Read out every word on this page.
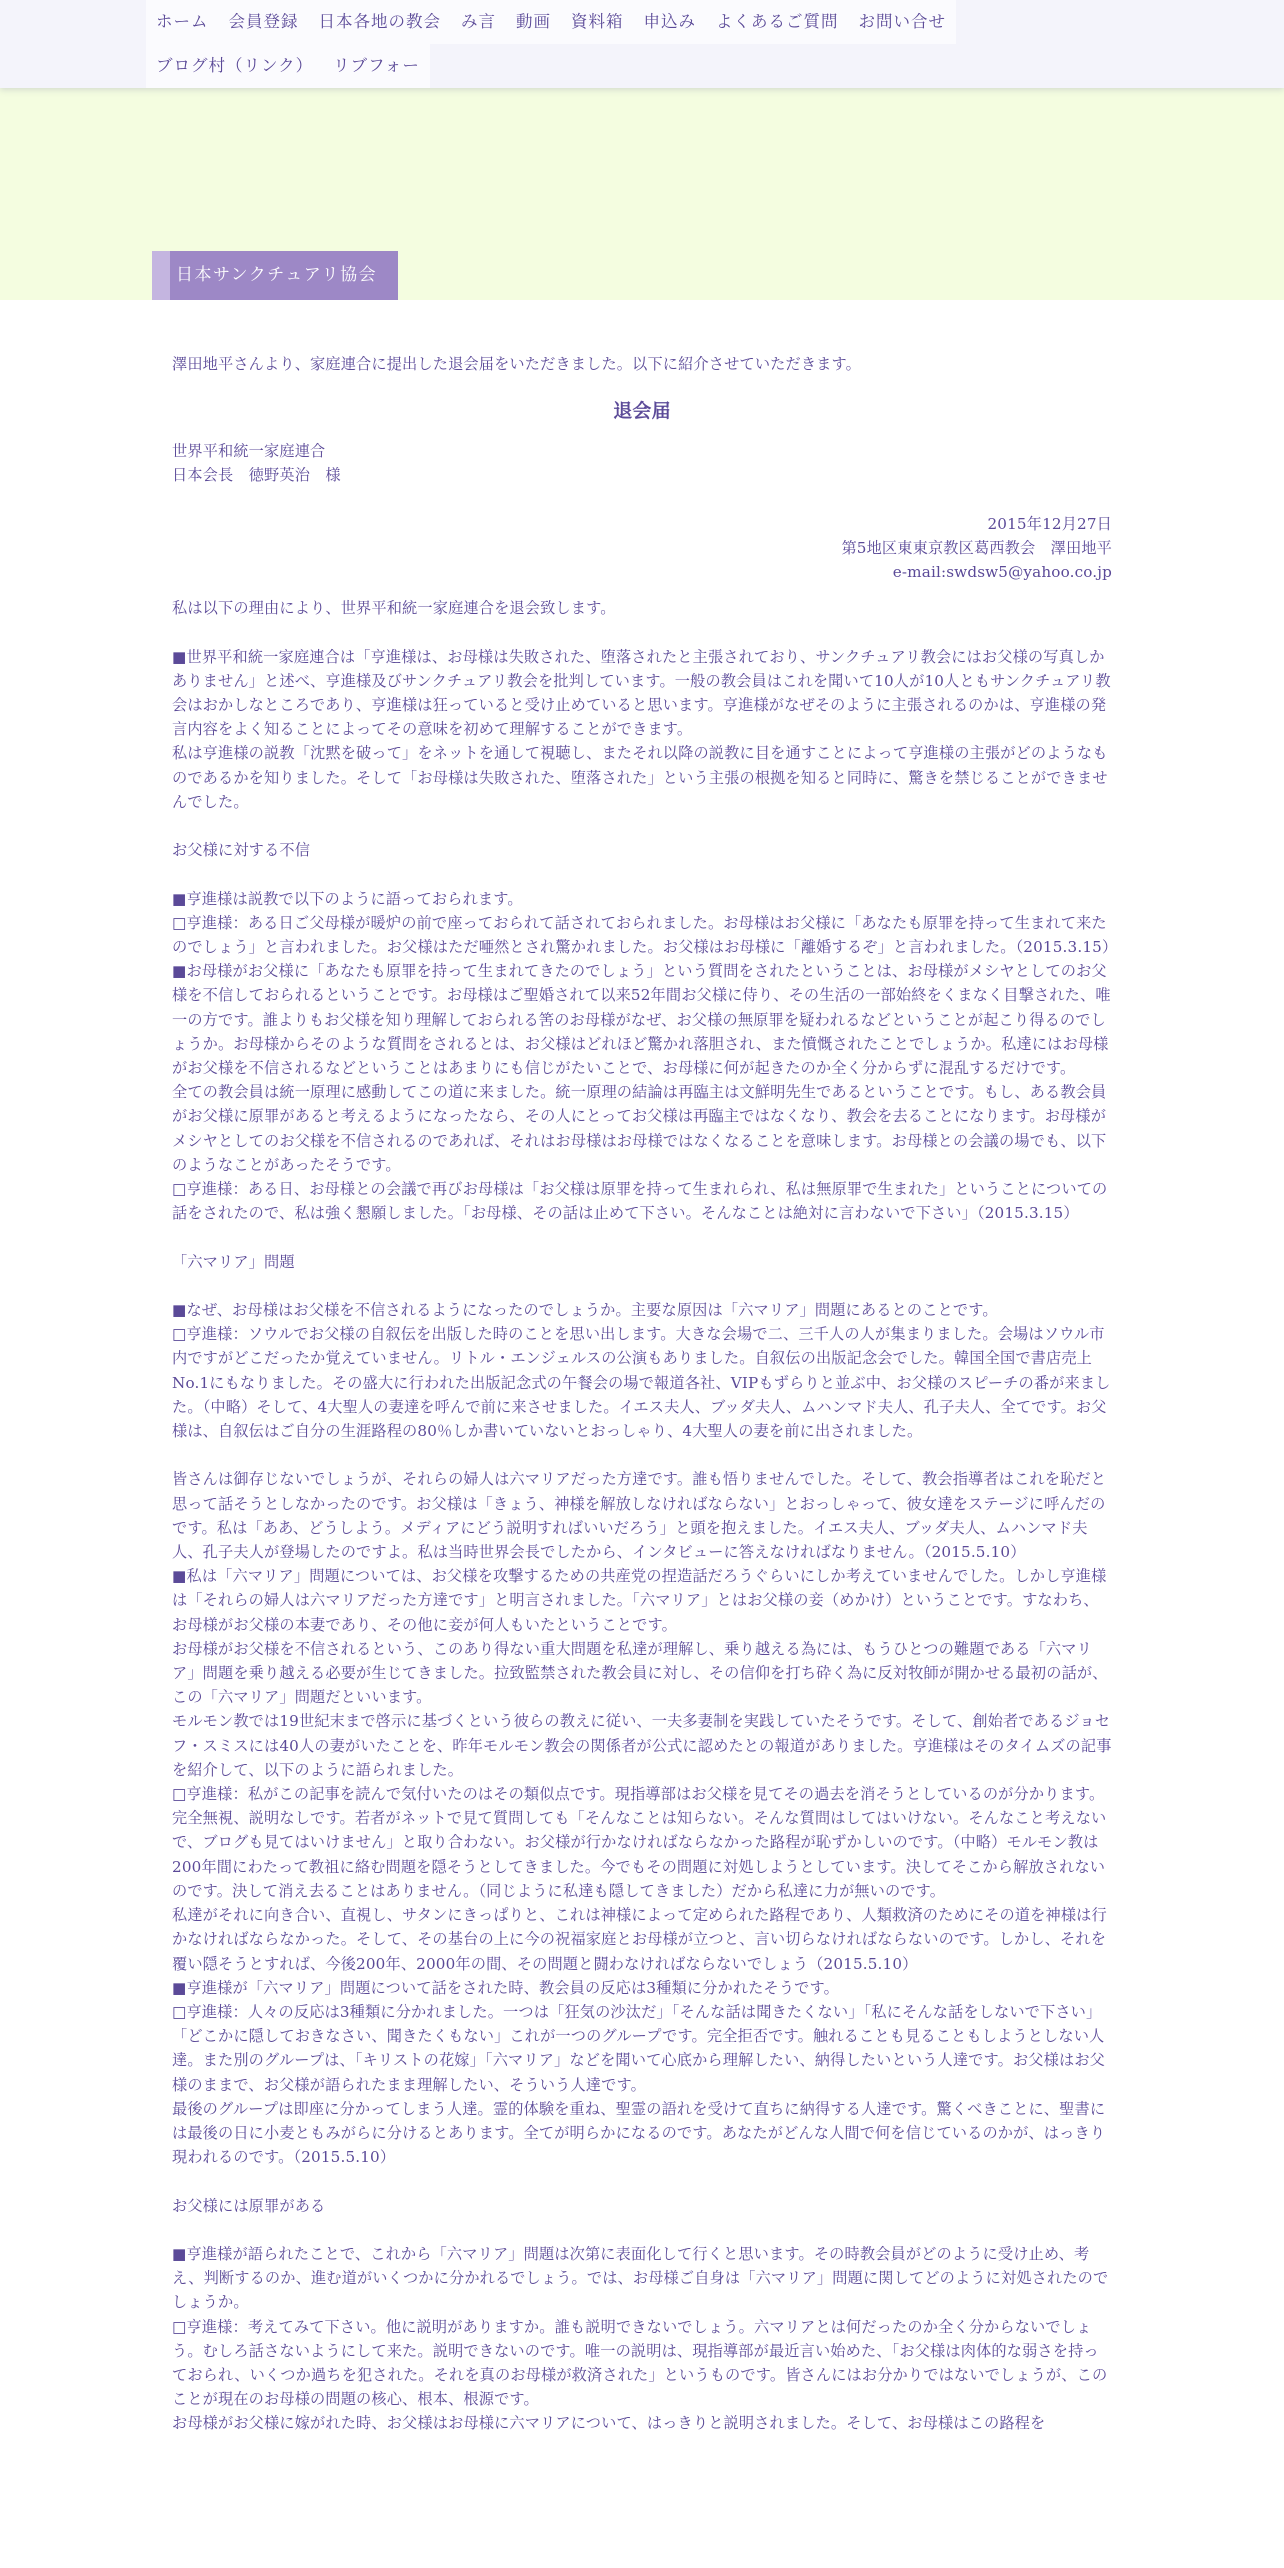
ホーム	会員登録	日本各地の教会	み言	動画	資料箱	申込み	よくあるご質問	お問い合せ
ブログ村（リンク）	リブフォー
日本サンクチュアリ協会

澤田地平さんより、家庭連合に提出した退会届をいただきました。以下に紹介させていただきます。

退会届

世界平和統一家庭連合

日本会長　徳野英治　様

2015年12月27日

第5地区東東京教区葛西教会　澤田地平

e-mail:swdsw5@yahoo.co.jp

私は以下の理由により、世界平和統一家庭連合を退会致します。

■世界平和統一家庭連合は「亨進様は、お母様は失敗された、堕落されたと主張されており、サンクチュアリ教会にはお父様の写真しかありません」と述べ、亨進様及びサンクチュアリ教会を批判しています。一般の教会員はこれを聞いて10人が10人ともサンクチュアリ教会はおかしなところであり、亨進様は狂っていると受け止めていると思います。亨進様がなぜそのように主張されるのかは、亨進様の発言内容をよく知ることによってその意味を初めて理解することができます。

私は亨進様の説教「沈黙を破って」をネットを通して視聴し、またそれ以降の説教に目を通すことによって亨進様の主張がどのようなものであるかを知りました。そして「お母様は失敗された、堕落された」という主張の根拠を知ると同時に、驚きを禁じることができませんでした。

お父様に対する不信

■亨進様は説教で以下のように語っておられます。

□亨進様：ある日ご父母様が暖炉の前で座っておられて話されておられました。お母様はお父様に「あなたも原罪を持って生まれて来たのでしょう」と言われました。お父様はただ唖然とされ驚かれました。お父様はお母様に「離婚するぞ」と言われました。（2015.3.15）

■お母様がお父様に「あなたも原罪を持って生まれてきたのでしょう」という質問をされたということは、お母様がメシヤとしてのお父様を不信しておられるということです。お母様はご聖婚されて以来52年間お父様に侍り、その生活の一部始終をくまなく目撃された、唯一の方です。誰よりもお父様を知り理解しておられる筈のお母様がなぜ、お父様の無原罪を疑われるなどということが起こり得るのでしょうか。お母様からそのような質問をされるとは、お父様はどれほど驚かれ落胆され、また憤慨されたことでしょうか。私達にはお母様がお父様を不信されるなどということはあまりにも信じがたいことで、お母様に何が起きたのか全く分からずに混乱するだけです。

全ての教会員は統一原理に感動してこの道に来ました。統一原理の結論は再臨主は文鮮明先生であるということです。もし、ある教会員がお父様に原罪があると考えるようになったなら、その人にとってお父様は再臨主ではなくなり、教会を去ることになります。お母様がメシヤとしてのお父様を不信されるのであれば、それはお母様はお母様ではなくなることを意味します。お母様との会議の場でも、以下のようなことがあったそうです。

□亨進様：ある日、お母様との会議で再びお母様は「お父様は原罪を持って生まれられ、私は無原罪で生まれた」ということについての話をされたので、私は強く懇願しました。「お母様、その話は止めて下さい。そんなことは絶対に言わないで下さい」（2015.3.15）

「六マリア」問題

■なぜ、お母様はお父様を不信されるようになったのでしょうか。主要な原因は「六マリア」問題にあるとのことです。

□亨進様：ソウルでお父様の自叙伝を出版した時のことを思い出します。大きな会場で二、三千人の人が集まりました。会場はソウル市内ですがどこだったか覚えていません。リトル・エンジェルスの公演もありました。自叙伝の出版記念会でした。韓国全国で書店売上No.1にもなりました。その盛大に行われた出版記念式の午餐会の場で報道各社、VIPもずらりと並ぶ中、お父様のスピーチの番が来ました。（中略）そして、4大聖人の妻達を呼んで前に来させました。イエス夫人、ブッダ夫人、ムハンマド夫人、孔子夫人、全てです。お父様は、自叙伝はご自分の生涯路程の80％しか書いていないとおっしゃり、4大聖人の妻を前に出されました。

皆さんは御存じないでしょうが、それらの婦人は六マリアだった方達です。誰も悟りませんでした。そして、教会指導者はこれを恥だと思って話そうとしなかったのです。お父様は「きょう、神様を解放しなければならない」とおっしゃって、彼女達をステージに呼んだのです。私は「ああ、どうしよう。メディアにどう説明すればいいだろう」と頭を抱えました。イエス夫人、ブッダ夫人、ムハンマド夫人、孔子夫人が登場したのですよ。私は当時世界会長でしたから、インタビューに答えなければなりません。（2015.5.10）

■私は「六マリア」問題については、お父様を攻撃するための共産党の捏造話だろうぐらいにしか考えていませんでした。しかし亨進様は「それらの婦人は六マリアだった方達です」と明言されました。「六マリア」とはお父様の妾（めかけ）ということです。すなわち、お母様がお父様の本妻であり、その他に妾が何人もいたということです。

お母様がお父様を不信されるという、このあり得ない重大問題を私達が理解し、乗り越える為には、もうひとつの難題である「六マリア」問題を乗り越える必要が生じてきました。拉致監禁された教会員に対し、その信仰を打ち砕く為に反対牧師が開かせる最初の話が、この「六マリア」問題だといいます。

モルモン教では19世紀末まで啓示に基づくという彼らの教えに従い、一夫多妻制を実践していたそうです。そして、創始者であるジョセフ・スミスには40人の妻がいたことを、昨年モルモン教会の関係者が公式に認めたとの報道がありました。亨進様はそのタイムズの記事を紹介して、以下のように語られました。

□亨進様：私がこの記事を読んで気付いたのはその類似点です。現指導部はお父様を見てその過去を消そうとしているのが分かります。完全無視、説明なしです。若者がネットで見て質問しても「そんなことは知らない。そんな質問はしてはいけない。そんなこと考えないで、ブログも見てはいけません」と取り合わない。お父様が行かなければならなかった路程が恥ずかしいのです。（中略）モルモン教は200年間にわたって教祖に絡む問題を隠そうとしてきました。今でもその問題に対処しようとしています。決してそこから解放されないのです。決して消え去ることはありません。（同じように私達も隠してきました）だから私達に力が無いのです。

私達がそれに向き合い、直視し、サタンにきっぱりと、これは神様によって定められた路程であり、人類救済のためにその道を神様は行かなければならなかった。そして、その基台の上に今の祝福家庭とお母様が立つと、言い切らなければならないのです。しかし、それを覆い隠そうとすれば、今後200年、2000年の間、その問題と闘わなければならないでしょう（2015.5.10）

■亨進様が「六マリア」問題について話をされた時、教会員の反応は3種類に分かれたそうです。

□亨進様：人々の反応は3種類に分かれました。一つは「狂気の沙汰だ」「そんな話は聞きたくない」「私にそんな話をしないで下さい」「どこかに隠しておきなさい、聞きたくもない」これが一つのグループです。完全拒否です。触れることも見ることもしようとしない人達。また別のグループは、「キリストの花嫁」「六マリア」などを聞いて心底から理解したい、納得したいという人達です。お父様はお父様のままで、お父様が語られたまま理解したい、そういう人達です。

最後のグループは即座に分かってしまう人達。霊的体験を重ね、聖霊の語れを受けて直ちに納得する人達です。驚くべきことに、聖書には最後の日に小麦ともみがらに分けるとあります。全てが明らかになるのです。あなたがどんな人間で何を信じているのかが、はっきり現われるのです。（2015.5.10）

お父様には原罪がある

■亨進様が語られたことで、これから「六マリア」問題は次第に表面化して行くと思います。その時教会員がどのように受け止め、考え、判断するのか、進む道がいくつかに分かれるでしょう。では、お母様ご自身は「六マリア」問題に関してどのように対処されたのでしょうか。

□亨進様：考えてみて下さい。他に説明がありますか。誰も説明できないでしょう。六マリアとは何だったのか全く分からないでしょう。むしろ話さないようにして来た。説明できないのです。唯一の説明は、現指導部が最近言い始めた、「お父様は肉体的な弱さを持っておられ、いくつか過ちを犯された。それを真のお母様が救済された」というものです。皆さんにはお分かりではないでしょうが、このことが現在のお母様の問題の核心、根本、根源です。

お母様がお父様に嫁がれた時、お父様はお母様に六マリアについて、はっきりと説明されました。そして、お母様はこの路程を
